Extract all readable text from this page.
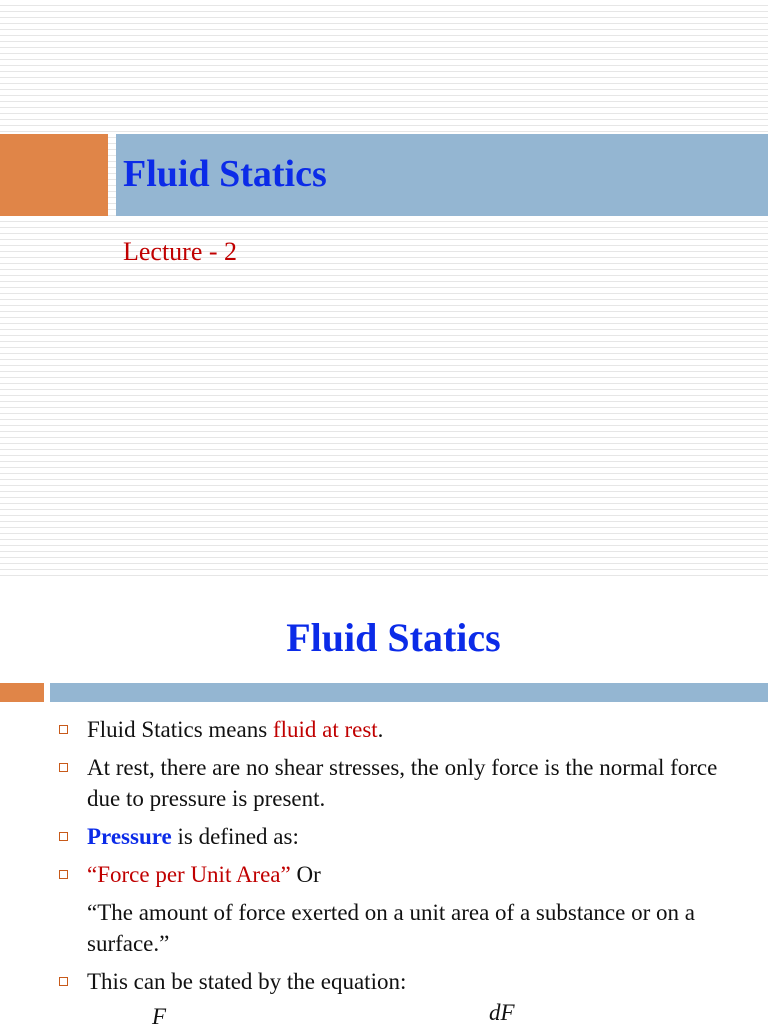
Fluid Statics
Lecture - 2
Fluid Statics
Fluid Statics means fluid at rest.
At rest, there are no shear stresses, the only force is the normal force due to pressure is present.
Pressure is defined as:
“Force per Unit Area” Or
“The amount of force exerted on a unit area of a substance or on a surface.”
This can be stated by the equation:
F	dF
